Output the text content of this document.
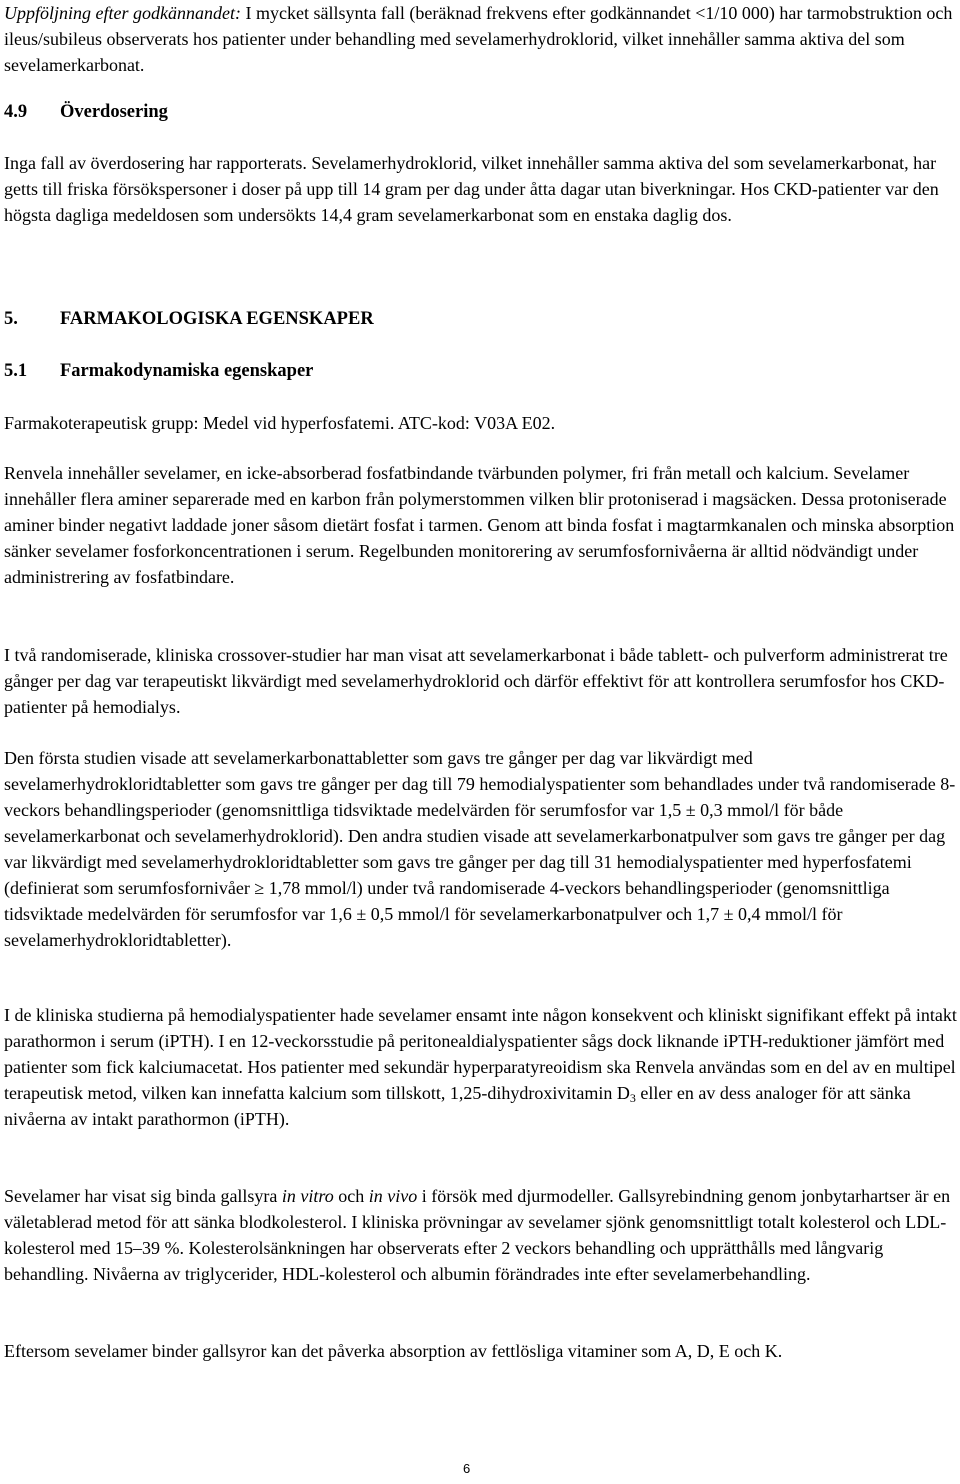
Uppföljning efter godkännandet: I mycket sällsynta fall (beräknad frekvens efter godkännandet <1/10 000) har tarmobstruktion och ileus/subileus observerats hos patienter under behandling med sevelamerhydroklorid, vilket innehåller samma aktiva del som sevelamerkarbonat.

4.9 Överdosering

Inga fall av överdosering har rapporterats. Sevelamerhydroklorid, vilket innehåller samma aktiva del som sevelamerkarbonat, har getts till friska försökspersoner i doser på upp till 14 gram per dag under åtta dagar utan biverkningar. Hos CKD-patienter var den högsta dagliga medeldosen som undersökts 14,4 gram sevelamerkarbonat som en enstaka daglig dos.

5. FARMAKOLOGISKA EGENSKAPER
5.1 Farmakodynamiska egenskaper

Farmakoterapeutisk grupp: Medel vid hyperfosfatemi. ATC-kod: V03A E02.

Renvela innehåller sevelamer, en icke-absorberad fosfatbindande tvärbunden polymer, fri från metall och kalcium. Sevelamer innehåller flera aminer separerade med en karbon från polymerstommen vilken blir protoniserad i magsäcken. Dessa protoniserade aminer binder negativt laddade joner såsom dietärt fosfat i tarmen. Genom att binda fosfat i magtarmkanalen och minska absorption sänker sevelamer fosforkoncentrationen i serum. Regelbunden monitorering av serumfosfornivåerna är alltid nödvändigt under administrering av fosfatbindare.

I två randomiserade, kliniska crossover-studier har man visat att sevelamerkarbonat i både tablett- och pulverform administrerat tre gånger per dag var terapeutiskt likvärdigt med sevelamerhydroklorid och därför effektivt för att kontrollera serumfosfor hos CKD-patienter på hemodialys.

Den första studien visade att sevelamerkarbonattabletter som gavs tre gånger per dag var likvärdigt med sevelamerhydrokloridtabletter som gavs tre gånger per dag till 79 hemodialyspatienter som behandlades under två randomiserade 8-veckors behandlingsperioder (genomsnittliga tidsviktade medelvärden för serumfosfor var 1,5 ± 0,3 mmol/l för både sevelamerkarbonat och sevelamerhydroklorid). Den andra studien visade att sevelamerkarbonatpulver som gavs tre gånger per dag var likvärdigt med sevelamerhydrokloridtabletter som gavs tre gånger per dag till 31 hemodialyspatienter med hyperfosfatemi (definierat som serumfosfornivåer ≥ 1,78 mmol/l) under två randomiserade 4-veckors behandlingsperioder (genomsnittliga tidsviktade medelvärden för serumfosfor var 1,6 ± 0,5 mmol/l för sevelamerkarbonatpulver och 1,7 ± 0,4 mmol/l för sevelamerhydrokloridtabletter).

I de kliniska studierna på hemodialyspatienter hade sevelamer ensamt inte någon konsekvent och kliniskt signifikant effekt på intakt parathormon i serum (iPTH). I en 12-veckorsstudie på peritonealdialyspatienter sågs dock liknande iPTH-reduktioner jämfört med patienter som fick kalciumacetat. Hos patienter med sekundär hyperparatyreoidism ska Renvela användas som en del av en multipel terapeutisk metod, vilken kan innefatta kalcium som tillskott, 1,25-dihydroxivitamin $D_3$ eller en av dess analoger för att sänka nivåerna av intakt parathormon (iPTH).

Sevelamer har visat sig binda gallsyra in vitro och in vivo i försök med djurmodeller. Gallsyrebindning genom jonbytarhartser är en väletablerad metod för att sänka blodkolesterol. I kliniska prövningar av sevelamer sjönk genomsnittligt totalt kolesterol och LDL-kolesterol med 15–39 %. Kolesterolsänkningen har observerats efter 2 veckors behandling och upprätthålls med långvarig behandling. Nivåerna av triglycerider, HDL-kolesterol och albumin förändrades inte efter sevelamerbehandling.

Eftersom sevelamer binder gallsyror kan det påverka absorption av fettlösliga vitaminer som A, D, E och K.

6
